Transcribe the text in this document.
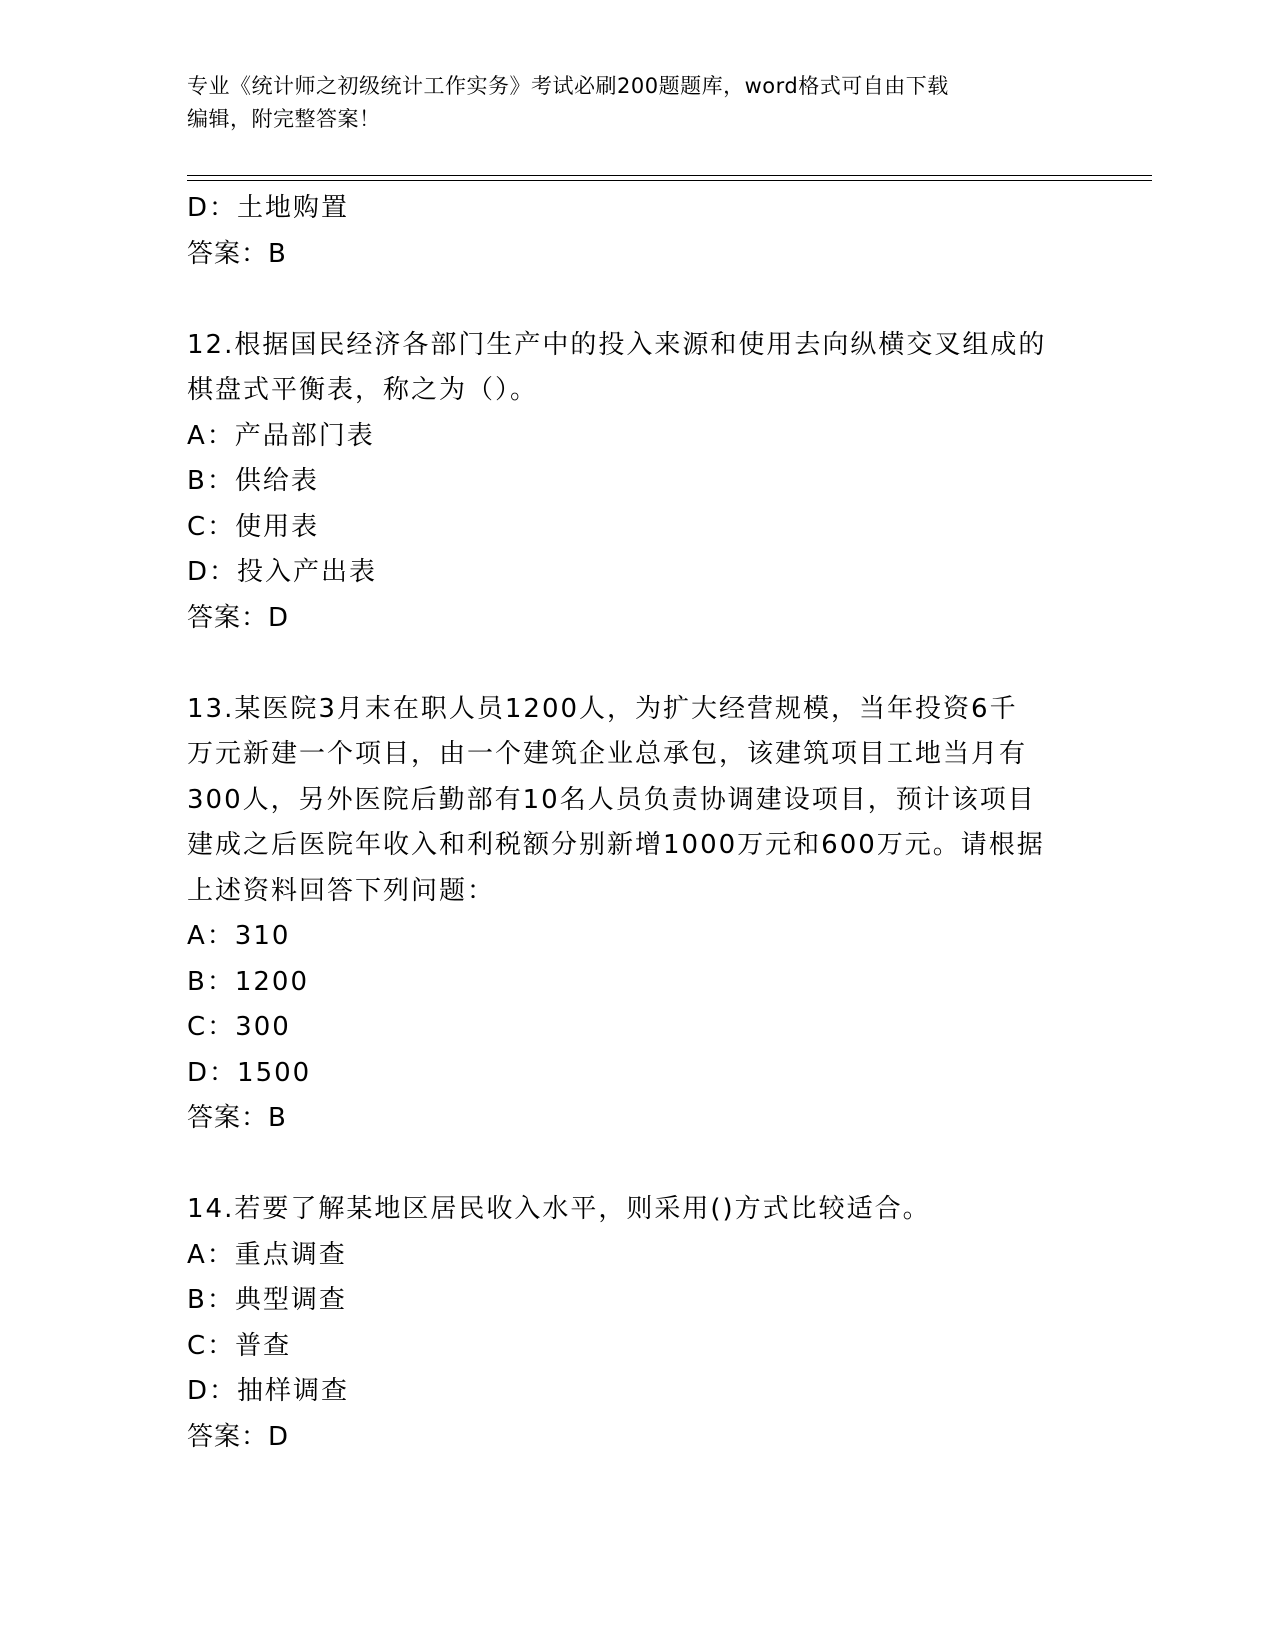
专业《统计师之初级统计工作实务》考试必刷200题题库，word格式可自由下载
编辑，附完整答案！
D：土地购置
答案：B
12.根据国民经济各部门生产中的投入来源和使用去向纵横交叉组成的
棋盘式平衡表，称之为（）。
A：产品部门表
B：供给表
C：使用表
D：投入产出表
答案：D
13.某医院3月末在职人员1200人，为扩大经营规模，当年投资6千
万元新建一个项目，由一个建筑企业总承包，该建筑项目工地当月有
300人，另外医院后勤部有10名人员负责协调建设项目，预计该项目
建成之后医院年收入和利税额分别新增1000万元和600万元。请根据
上述资料回答下列问题：
A：310
B：1200
C：300
D：1500
答案：B
14.若要了解某地区居民收入水平，则采用()方式比较适合。
A：重点调查
B：典型调查
C：普查
D：抽样调查
答案：D
